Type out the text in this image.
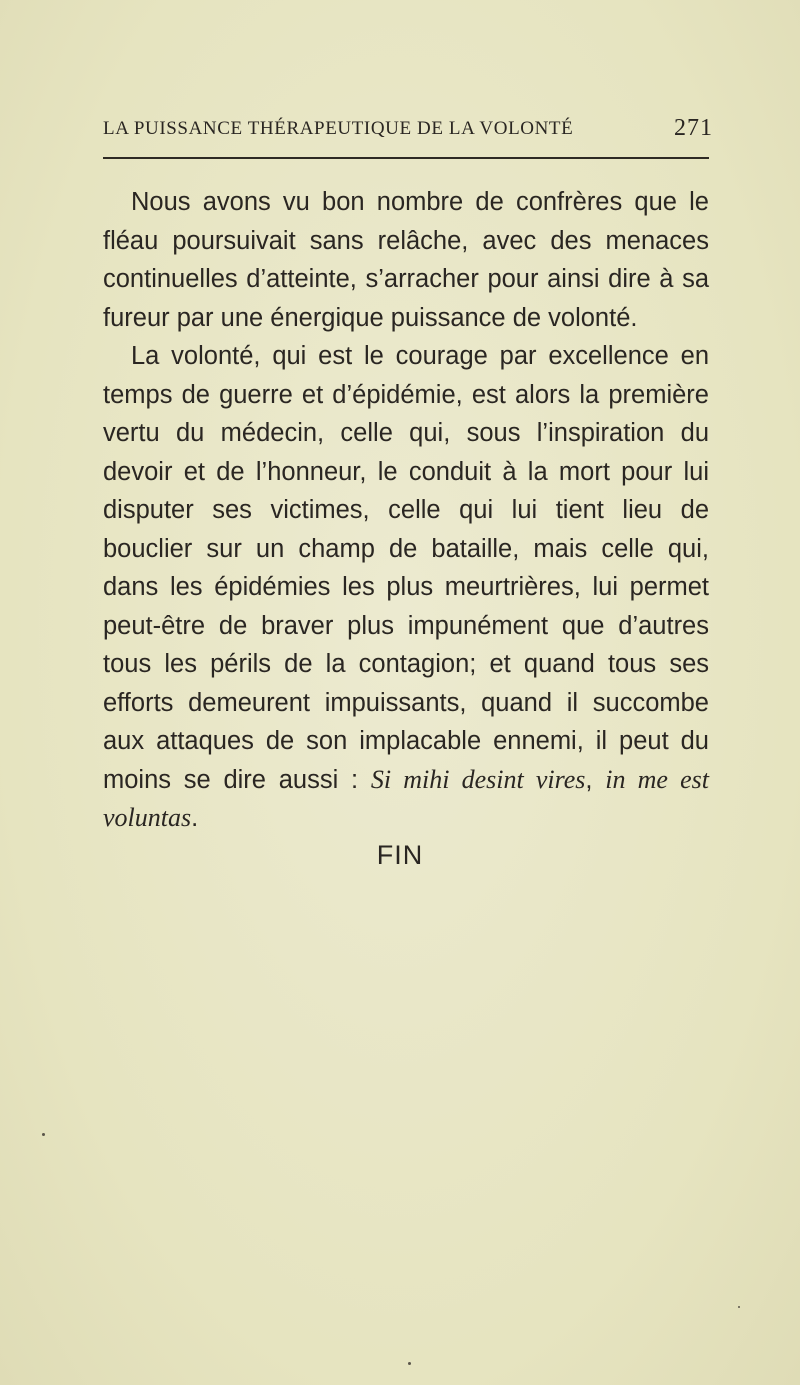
LA PUISSANCE THÉRAPEUTIQUE DE LA VOLONTÉ	271

Nous avons vu bon nombre de confrères que le fléau poursuivait sans relâche, avec des menaces continuelles d’atteinte, s’arracher pour ainsi dire à sa fureur par une énergique puissance de volonté.

La volonté, qui est le courage par excellence en temps de guerre et d’épidémie, est alors la première vertu du médecin, celle qui, sous l’inspiration du devoir et de l’honneur, le conduit à la mort pour lui disputer ses victimes, celle qui lui tient lieu de bouclier sur un champ de bataille, mais celle qui, dans les épidémies les plus meurtrières, lui permet peut-être de braver plus impunément que d’autres tous les périls de la contagion; et quand tous ses efforts demeurent impuissants, quand il succombe aux attaques de son implacable ennemi, il peut du moins se dire aussi : Si mihi desint vires, in me est voluntas.

FIN
